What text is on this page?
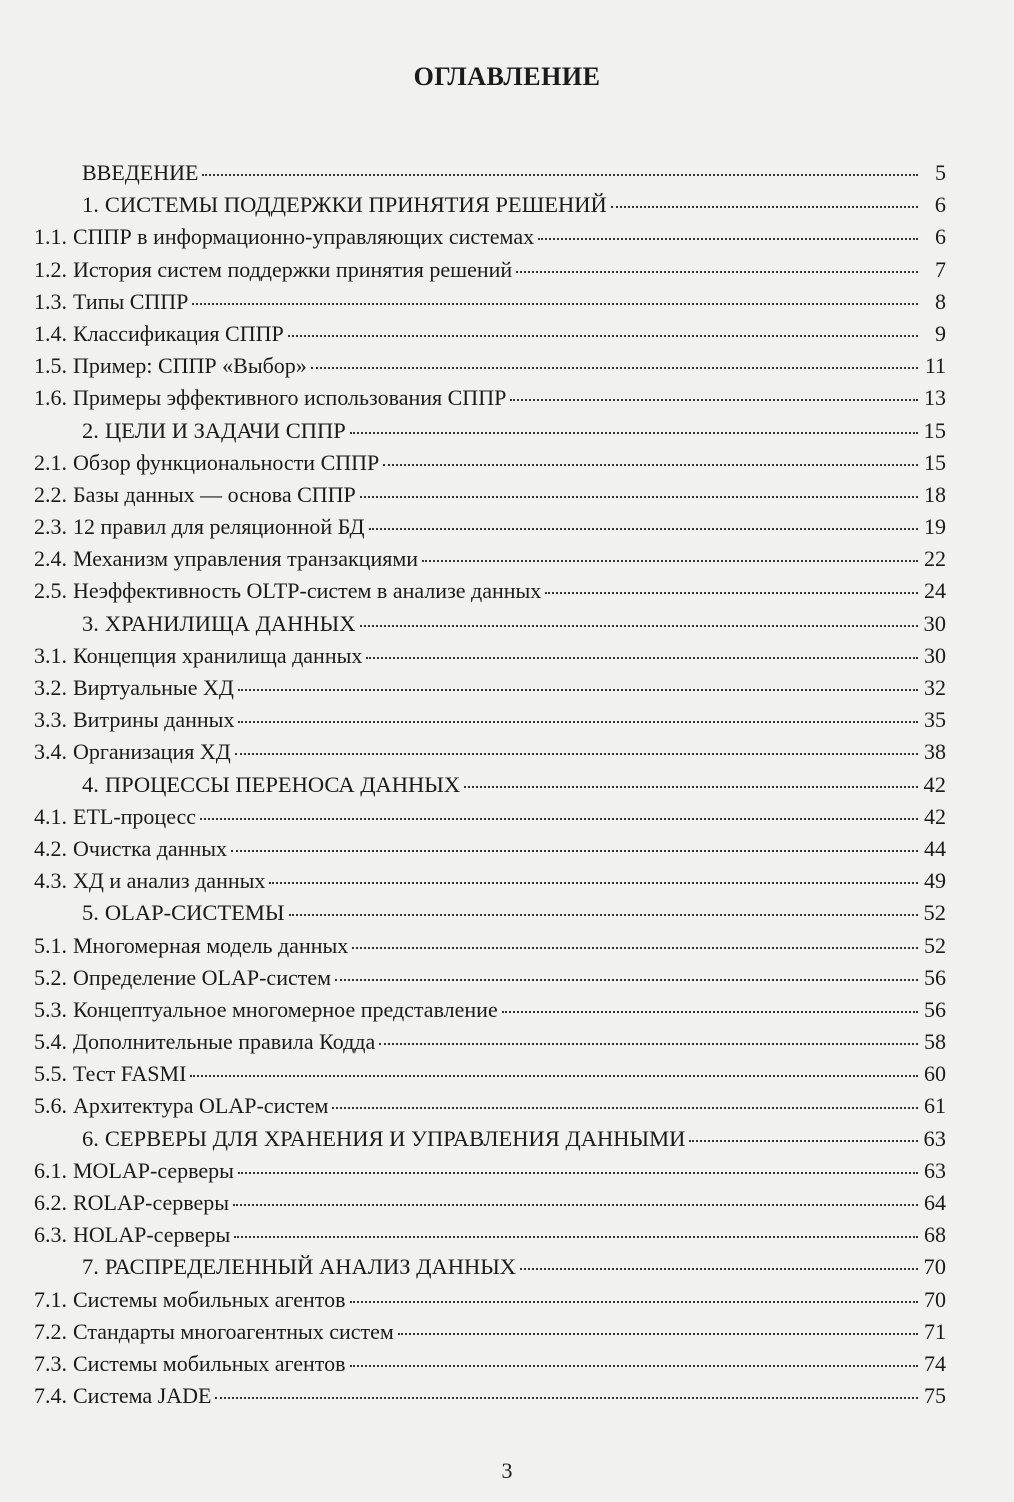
ОГЛАВЛЕНИЕ
ВВЕДЕНИЕ	5
1. СИСТЕМЫ ПОДДЕРЖКИ ПРИНЯТИЯ РЕШЕНИЙ	6
1.1. СППР в информационно-управляющих системах	6
1.2. История систем поддержки принятия решений	7
1.3. Типы СППР	8
1.4. Классификация СППР	9
1.5. Пример: СППР «Выбор»	11
1.6. Примеры эффективного использования СППР	13
2. ЦЕЛИ И ЗАДАЧИ СППР	15
2.1. Обзор функциональности СППР	15
2.2. Базы данных — основа СППР	18
2.3. 12 правил для реляционной БД	19
2.4. Механизм управления транзакциями	22
2.5. Неэффективность OLTP-систем в анализе данных	24
3. ХРАНИЛИЩА ДАННЫХ	30
3.1. Концепция хранилища данных	30
3.2. Виртуальные ХД	32
3.3. Витрины данных	35
3.4. Организация ХД	38
4. ПРОЦЕССЫ ПЕРЕНОСА ДАННЫХ	42
4.1. ETL-процесс	42
4.2. Очистка данных	44
4.3. ХД и анализ данных	49
5. OLAP-СИСТЕМЫ	52
5.1. Многомерная модель данных	52
5.2. Определение OLAP-систем	56
5.3. Концептуальное многомерное представление	56
5.4. Дополнительные правила Кодда	58
5.5. Тест FASMI	60
5.6. Архитектура OLAP-систем	61
6. СЕРВЕРЫ ДЛЯ ХРАНЕНИЯ И УПРАВЛЕНИЯ ДАННЫМИ	63
6.1. MOLAP-серверы	63
6.2. ROLAP-серверы	64
6.3. HOLAP-серверы	68
7. РАСПРЕДЕЛЕННЫЙ АНАЛИЗ ДАННЫХ	70
7.1. Системы мобильных агентов	70
7.2. Стандарты многоагентных систем	71
7.3. Системы мобильных агентов	74
7.4. Система JADE	75
3
